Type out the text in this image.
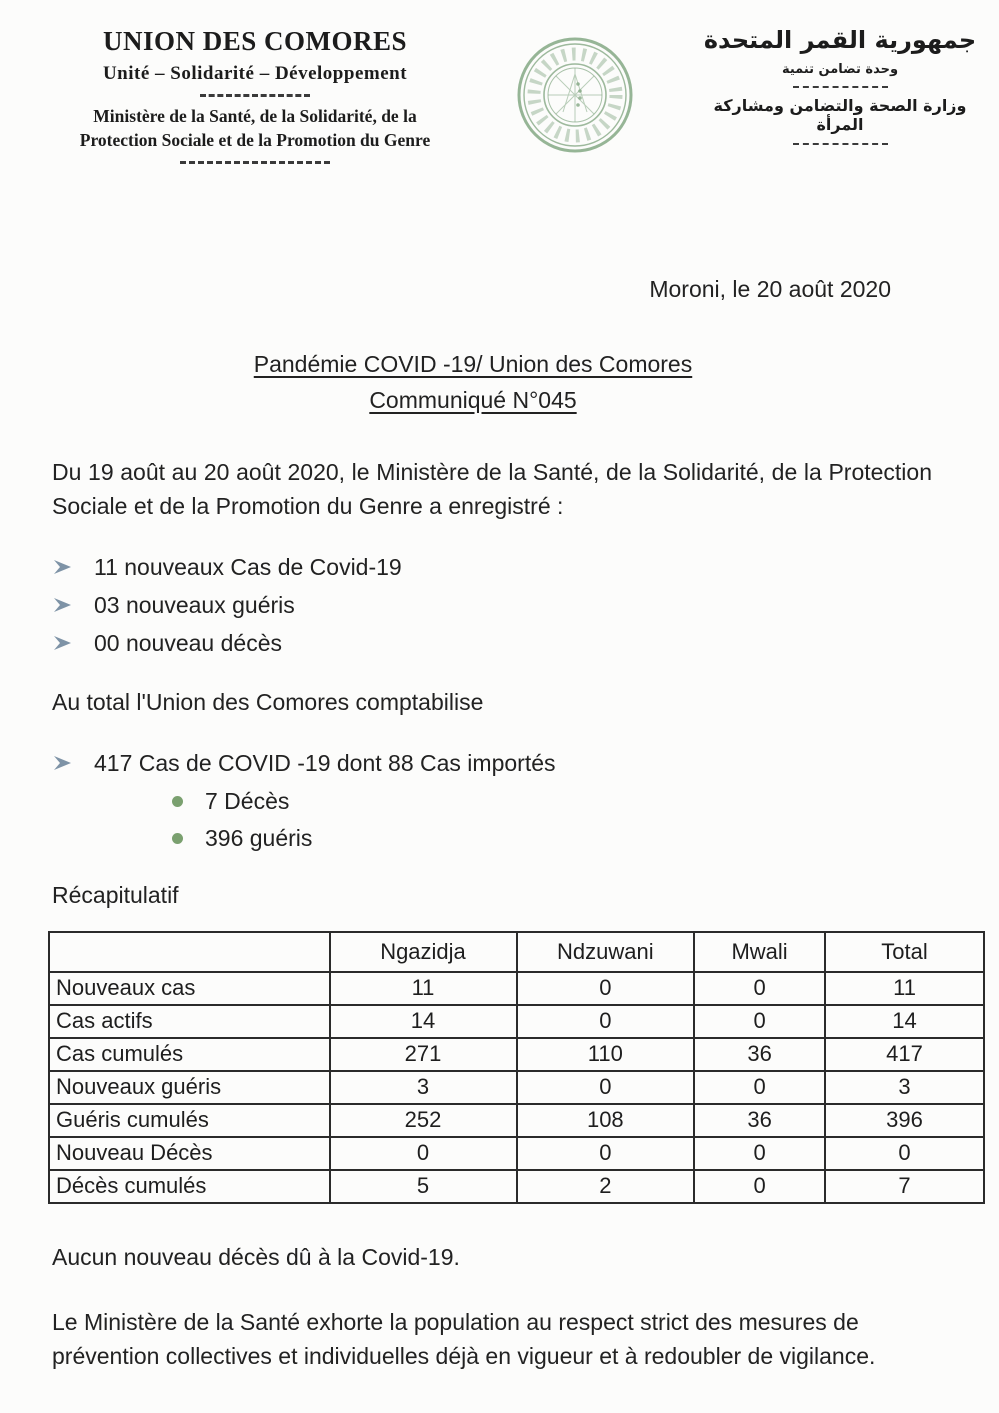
UNION DES COMORES
Unité – Solidarité – Développement
Ministère de la Santé, de la Solidarité, de la
Protection Sociale et de la Promotion du Genre
جمهورية القمر المتحدة
وحدة تضامن تنمية
وزارة الصحة والتضامن ومشاركة المرأة
Moroni, le 20 août 2020
Pandémie COVID -19/ Union des Comores
Communiqué N°045
Du 19 août au 20 août 2020, le Ministère de la Santé, de la Solidarité, de la Protection Sociale et de la Promotion du Genre a enregistré :
11 nouveaux Cas de Covid-19
03 nouveaux guéris
00 nouveau décès
Au total l'Union des Comores comptabilise
417 Cas de COVID -19 dont 88 Cas importés
7 Décès
396 guéris
Récapitulatif
	Ngazidja	Ndzuwani	Mwali	Total
Nouveaux cas	11	0	0	11
Cas actifs	14	0	0	14
Cas cumulés	271	110	36	417
Nouveaux guéris	3	0	0	3
Guéris cumulés	252	108	36	396
Nouveau Décès	0	0	0	0
Décès cumulés	5	2	0	7
Aucun nouveau décès dû à la Covid-19.
Le Ministère de la Santé exhorte la population au respect strict des mesures de prévention collectives et individuelles déjà en vigueur et à redoubler de vigilance.
